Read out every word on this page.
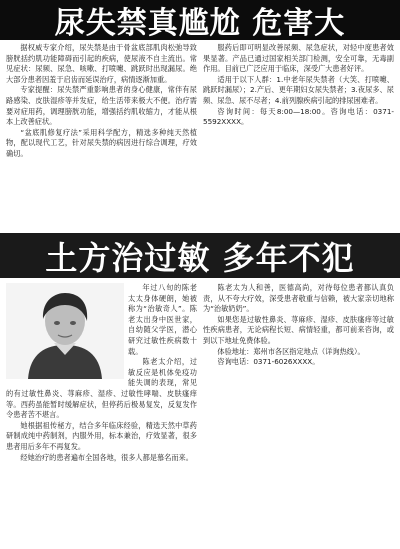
尿失禁真尴尬 危害大

据权威专家介绍，尿失禁是由于骨盆底部肌肉松弛导致膀胱括约肌功能障碍而引起的疾病，使尿液不自主流出。常见症状：尿频、尿急、咳嗽、打喷嚏、跳跃时出现漏尿。绝大部分患者因羞于启齿而延误治疗，病情逐渐加重。

专家提醒：尿失禁严重影响患者的身心健康，常伴有尿路感染、皮肤湿疹等并发症，给生活带来极大不便。治疗需要对症用药，调理膀胱功能，增强括约肌收缩力，才能从根本上改善症状。

“盆底肌修复疗法”采用科学配方，精选多种纯天然植物，配以现代工艺，针对尿失禁的病因进行综合调理，疗效确切。

服药后即可明显改善尿频、尿急症状，对轻中度患者效果显著。产品已通过国家相关部门检测，安全可靠，无毒副作用。目前已广泛应用于临床，深受广大患者好评。

适用于以下人群：1.中老年尿失禁者（大笑、打喷嚏、跳跃时漏尿）；2.产后、更年期妇女尿失禁者；3.夜尿多、尿频、尿急、尿不尽者；4.前列腺疾病引起的排尿困难者。

咨询时间：每天8:00—18:00。咨询电话：0371-5592XXXX。

土方治过敏 多年不犯

年过八旬的陈老太太身体硬朗，她被称为“治敏奇人”。陈老太出身中医世家，自幼随父学医，潜心研究过敏性疾病数十载。

陈老太介绍，过敏反应是机体免疫功能失调的表现，常见的有过敏性鼻炎、荨麻疹、湿疹、过敏性哮喘、皮肤瘙痒等。西药虽能暂时缓解症状，但停药后极易复发，反复发作令患者苦不堪言。

她根据祖传秘方，结合多年临床经验，精选天然中草药研制成纯中药制剂，内服外用，标本兼治，疗效显著，很多患者用后多年不再复发。

经她治疗的患者遍布全国各地，很多人都是慕名而来。

陈老太为人和善，医德高尚，对待每位患者都认真负责，从不夸大疗效，深受患者敬重与信赖，被大家亲切地称为“治敏奶奶”。

如果您是过敏性鼻炎、荨麻疹、湿疹、皮肤瘙痒等过敏性疾病患者，无论病程长短、病情轻重，都可前来咨询，或到以下地址免费体验。

体验地址：郑州市各区指定地点（详询热线）。

咨询电话：0371-6026XXXX。
